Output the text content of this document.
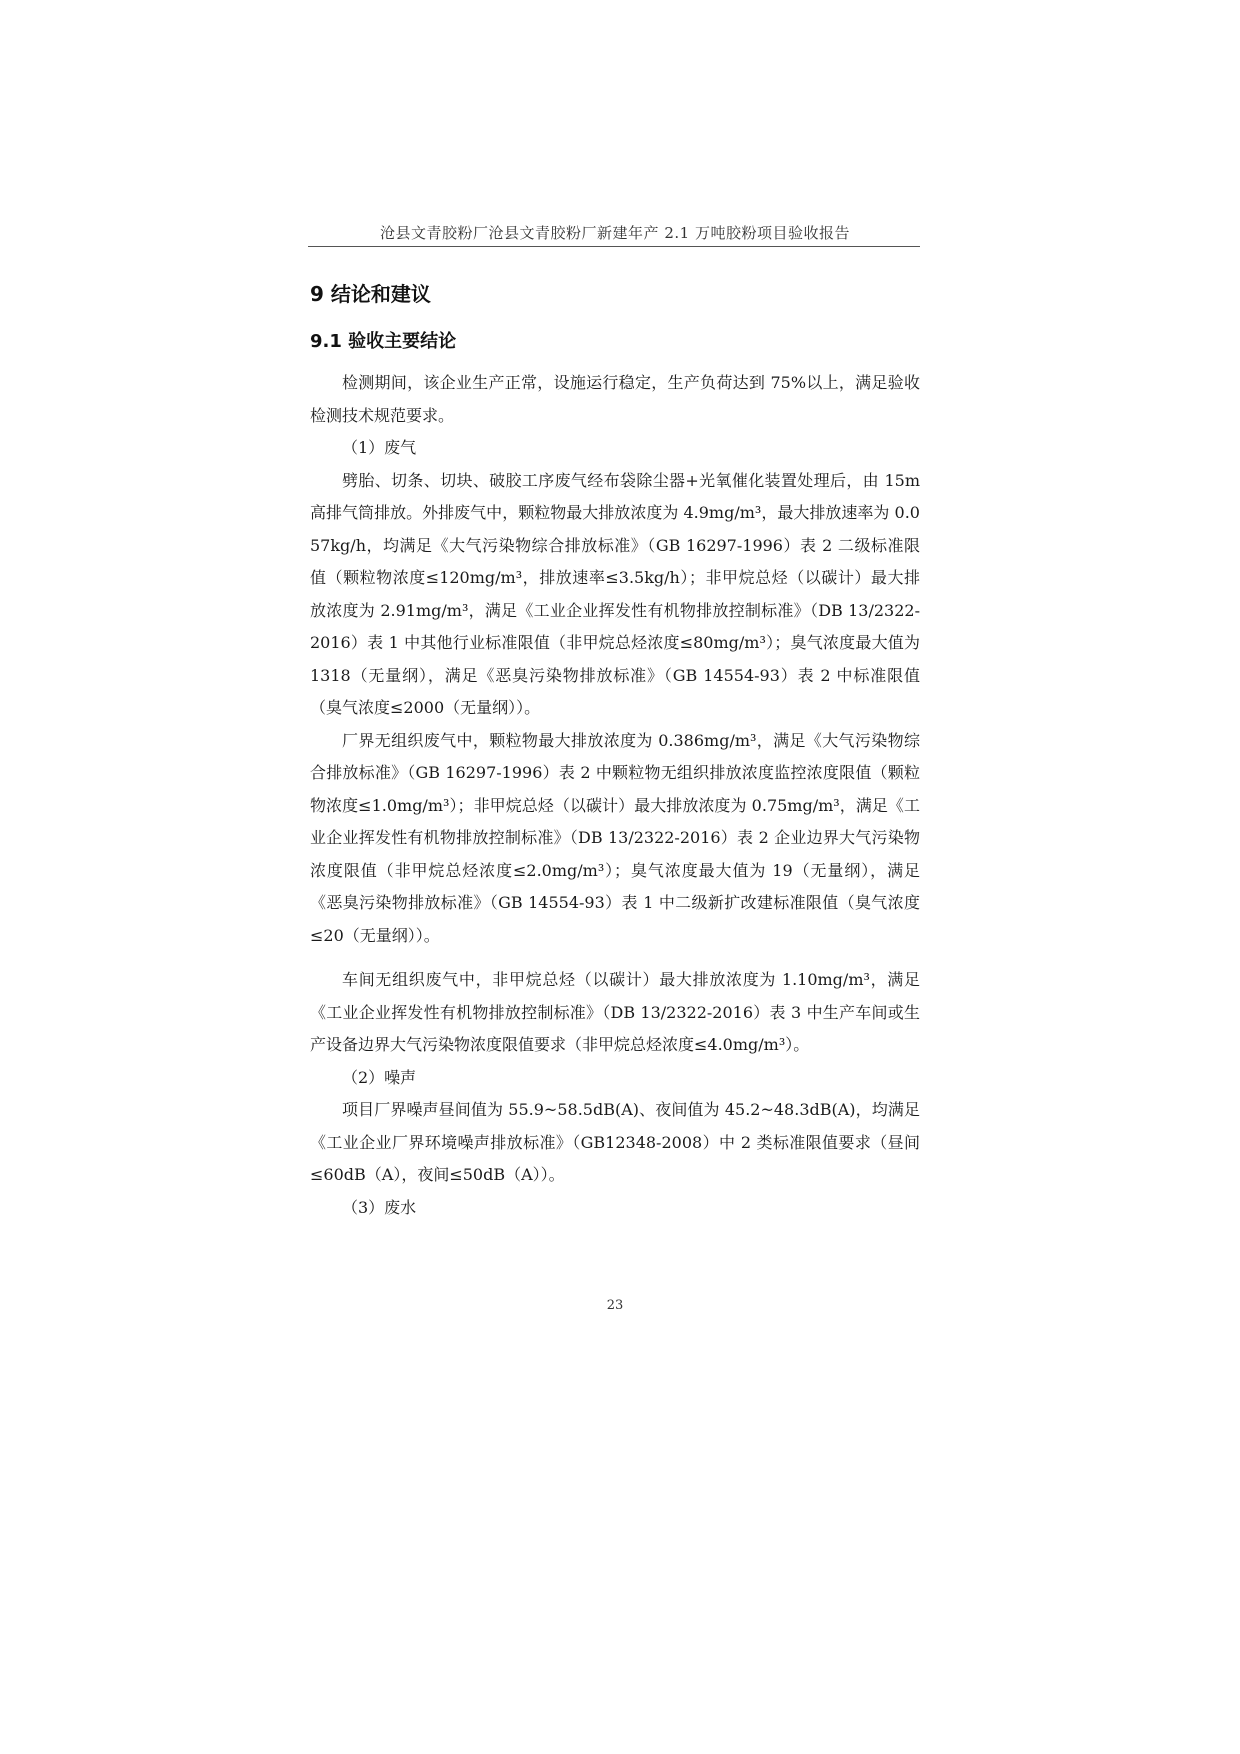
沧县文青胶粉厂沧县文青胶粉厂新建年产 2.1 万吨胶粉项目验收报告
9 结论和建议
9.1 验收主要结论

检测期间，该企业生产正常，设施运行稳定，生产负荷达到 75%以上，满足验收检测技术规范要求。

（1）废气

劈胎、切条、切块、破胶工序废气经布袋除尘器+光氧催化装置处理后，由 15m 高排气筒排放。外排废气中，颗粒物最大排放浓度为 4.9mg/m³，最大排放速率为 0.057kg/h，均满足《大气污染物综合排放标准》（GB 16297-1996）表 2 二级标准限值（颗粒物浓度≤120mg/m³，排放速率≤3.5kg/h）；非甲烷总烃（以碳计）最大排放浓度为 2.91mg/m³，满足《工业企业挥发性有机物排放控制标准》（DB 13/2322-2016）表 1 中其他行业标准限值（非甲烷总烃浓度≤80mg/m³）；臭气浓度最大值为 1318（无量纲），满足《恶臭污染物排放标准》（GB 14554-93）表 2 中标准限值（臭气浓度≤2000（无量纲））。

厂界无组织废气中，颗粒物最大排放浓度为 0.386mg/m³，满足《大气污染物综合排放标准》（GB 16297-1996）表 2 中颗粒物无组织排放浓度监控浓度限值（颗粒物浓度≤1.0mg/m³）；非甲烷总烃（以碳计）最大排放浓度为 0.75mg/m³，满足《工业企业挥发性有机物排放控制标准》（DB 13/2322-2016）表 2 企业边界大气污染物浓度限值（非甲烷总烃浓度≤2.0mg/m³）；臭气浓度最大值为 19（无量纲），满足《恶臭污染物排放标准》（GB 14554-93）表 1 中二级新扩改建标准限值（臭气浓度≤20（无量纲））。

车间无组织废气中，非甲烷总烃（以碳计）最大排放浓度为 1.10mg/m³，满足《工业企业挥发性有机物排放控制标准》（DB 13/2322-2016）表 3 中生产车间或生产设备边界大气污染物浓度限值要求（非甲烷总烃浓度≤4.0mg/m³）。

（2）噪声

项目厂界噪声昼间值为 55.9~58.5dB(A)、夜间值为 45.2~48.3dB(A)，均满足《工业企业厂界环境噪声排放标准》（GB12348-2008）中 2 类标准限值要求（昼间≤60dB（A），夜间≤50dB（A））。

（3）废水

23
